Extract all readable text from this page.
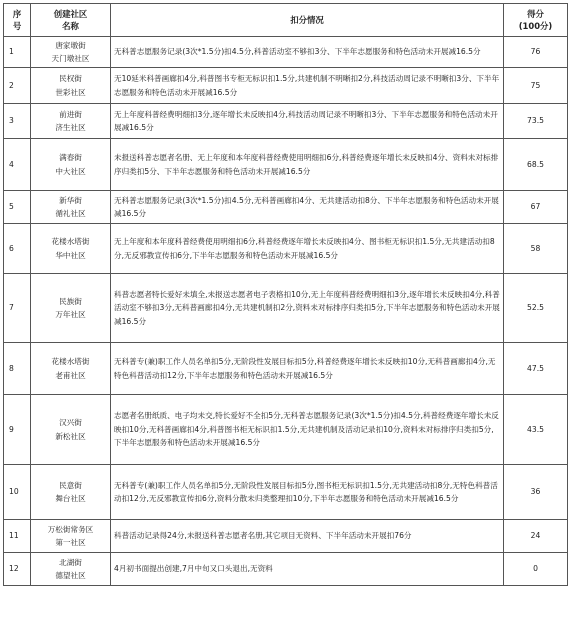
序
号	创建社区
名称	扣分情况	得分
(100分)

1	唐家墩街
天门墩社区	无科普志愿服务记录(3次*1.5分)扣4.5分,科普活动室不够扣3分、下半年志愿服务和特色活动未开展减16.5分	76
2	民权街
世彩社区	无10延米科普画廊扣4分,科普图书专柜无标识扣1.5分,共建机制不明晰扣2分,科技活动周记录不明晰扣3分、下半年志愿服务和特色活动未开展减16.5分	75
3	前进街
济生社区	无上年度科普经费明细扣3分,逐年增长未反映扣4分,科技活动周记录不明晰扣3分、下半年志愿服务和特色活动未开展减16.5分	73.5
4	满春街
中大社区	未报送科普志愿者名册、无上年度和本年度科普经费使用明细扣6分,科普经费逐年增长未反映扣4分、资料未对标排序归类扣5分、下半年志愿服务和特色活动未开展减16.5分	68.5
5	新华街
循礼社区	无科普志愿服务记录(3次*1.5分)扣4.5分,无科普画廊扣4分、无共建活动扣8分、下半年志愿服务和特色活动未开展减16.5分	67
6	花楼水塔街
华中社区	无上年度和本年度科普经费使用明细扣6分,科普经费逐年增长未反映扣4分、图书柜无标识扣1.5分,无共建活动扣8分,无反邪教宣传扣6分,下半年志愿服务和特色活动未开展减16.5分	58
7	民族街
万年社区	科普志愿者特长爱好未填全,未报送志愿者电子表格扣10分,无上年度科普经费明细扣3分,逐年增长未反映扣4分,科普活动室不够扣3分,无科普画廊扣4分,无共建机制扣2分,资料未对标排序归类扣5分,下半年志愿服务和特色活动未开展减16.5分	52.5
8	花楼水塔街
老甫社区	无科普专(兼)职工作人员名单扣5分,无阶段性发展目标扣5分,科普经费逐年增长未反映扣10分,无科普画廊扣4分,无特色科普活动扣12分,下半年志愿服务和特色活动未开展减16.5分	47.5
9	汉兴街
新松社区	志愿者名册纸质、电子均未交,特长爱好不全扣5分,无科普志愿服务记录(3次*1.5分)扣4.5分,科普经费逐年增长未反映扣10分,无科普画廊扣4分,科普图书柜无标识扣1.5分,无共建机制及活动记录扣10分,资料未对标排序归类扣5分,下半年志愿服务和特色活动未开展减16.5分	43.5
10	民意街
舞台社区	无科普专(兼)职工作人员名单扣5分,无阶段性发展目标扣5分,图书柜无标识扣1.5分,无共建活动扣8分,无特色科普活动扣12分,无反邪教宣传扣6分,资料分散未归类整理扣10分,下半年志愿服务和特色活动未开展减16.5分	36
11	万松街常务区
第一社区	科普活动记录得24分,未报送科普志愿者名册,其它项目无资料、下半年活动未开展扣76分	24
12	北湖街
德望社区	4月初书面提出创建,7月中旬又口头退出,无资料	0
